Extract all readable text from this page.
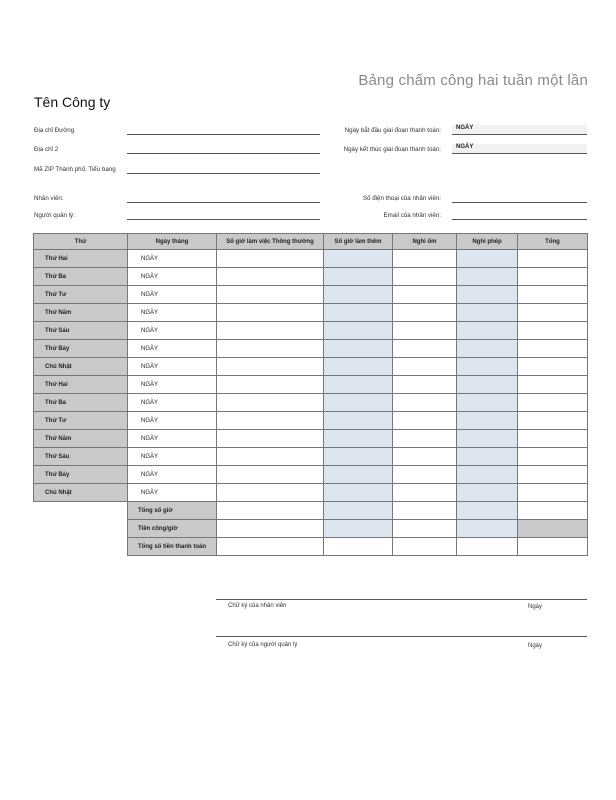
Bảng chấm công hai tuần một lần
Tên Công ty
Địa chỉ Đường
Địa chỉ 2
Mã ZIP Thành phố, Tiểu bang
Nhân viên:
Người quản lý:
Ngày bắt đầu giai đoạn thanh toán:	NGÀY
Ngày kết thúc giai đoạn thanh toán:	NGÀY
Số điện thoại của nhân viên:
Email của nhân viên:
Thứ	Ngày tháng	Số giờ làm việc Thông thường	Số giờ làm thêm	Nghỉ ốm	Nghỉ phép	Tổng
Thứ Hai	NGÀY					
Thứ Ba	NGÀY					
Thứ Tư	NGÀY					
Thứ Năm	NGÀY					
Thứ Sáu	NGÀY					
Thứ Bảy	NGÀY					
Chủ Nhật	NGÀY					
Thứ Hai	NGÀY					
Thứ Ba	NGÀY					
Thứ Tư	NGÀY					
Thứ Năm	NGÀY					
Thứ Sáu	NGÀY					
Thứ Bảy	NGÀY					
Chủ Nhật	NGÀY					
	Tổng số giờ					
	Tiền công/giờ					
	Tổng số tiền thanh toán					
Chữ ký của nhân viên	Ngày
Chữ ký của người quản lý	Ngày
